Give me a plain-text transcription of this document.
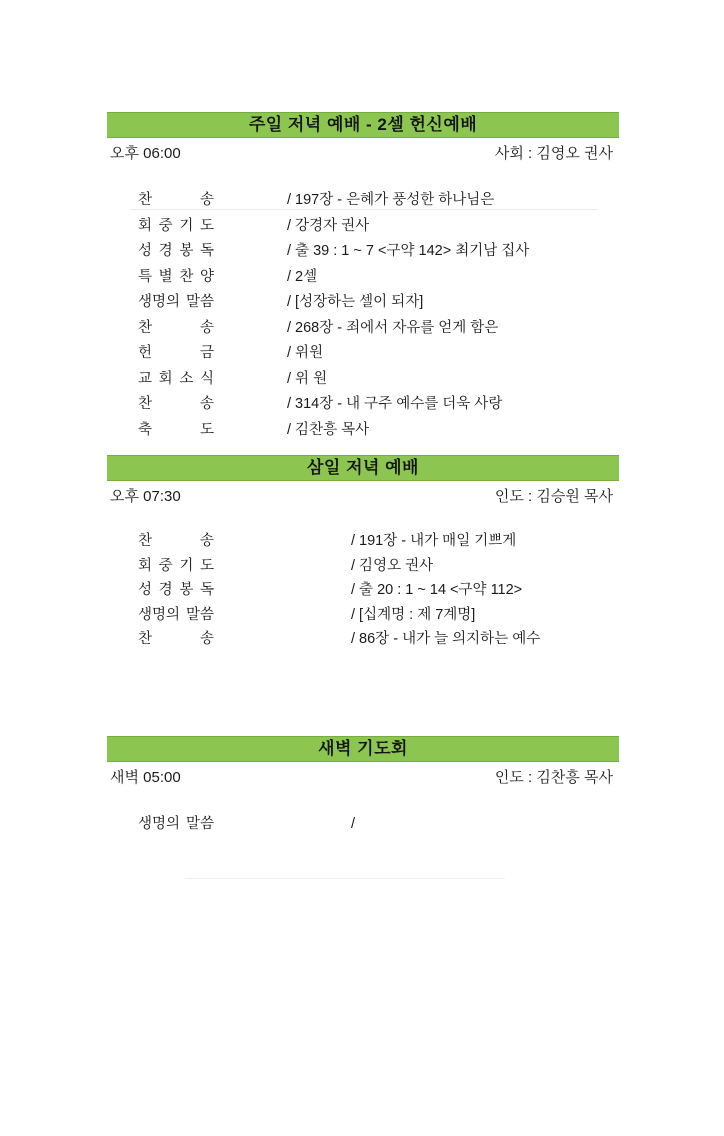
주일 저녁 예배 - 2셀 헌신예배
오후 06:00	사회 : 김영오 권사
찬 송	/ 197장 - 은혜가 풍성한 하나님은
회 중 기 도	/ 강경자 권사
성 경 봉 독	/ 출 39 : 1 ~ 7 <구약 142> 최기남 집사
특 별 찬 양	/ 2셀
생명의 말씀	/ [성장하는 셀이 되자]
찬 송	/ 268장 - 죄에서 자유를 얻게 함은
헌 금	/ 위원
교 회 소 식	/ 위 원
찬 송	/ 314장 - 내 구주 예수를 더욱 사랑
축 도	/ 김찬흥 목사
삼일 저녁 예배
오후 07:30	인도 : 김승원 목사
찬 송	/ 191장 - 내가 매일 기쁘게
회 중 기 도	/ 김영오 권사
성 경 봉 독	/ 출 20 : 1 ~ 14 <구약 112>
생명의 말씀	/ [십계명 : 제 7계명]
찬 송	/ 86장 - 내가 늘 의지하는 예수
새벽 기도회
새벽 05:00	인도 : 김찬흥 목사
생명의 말씀	/
